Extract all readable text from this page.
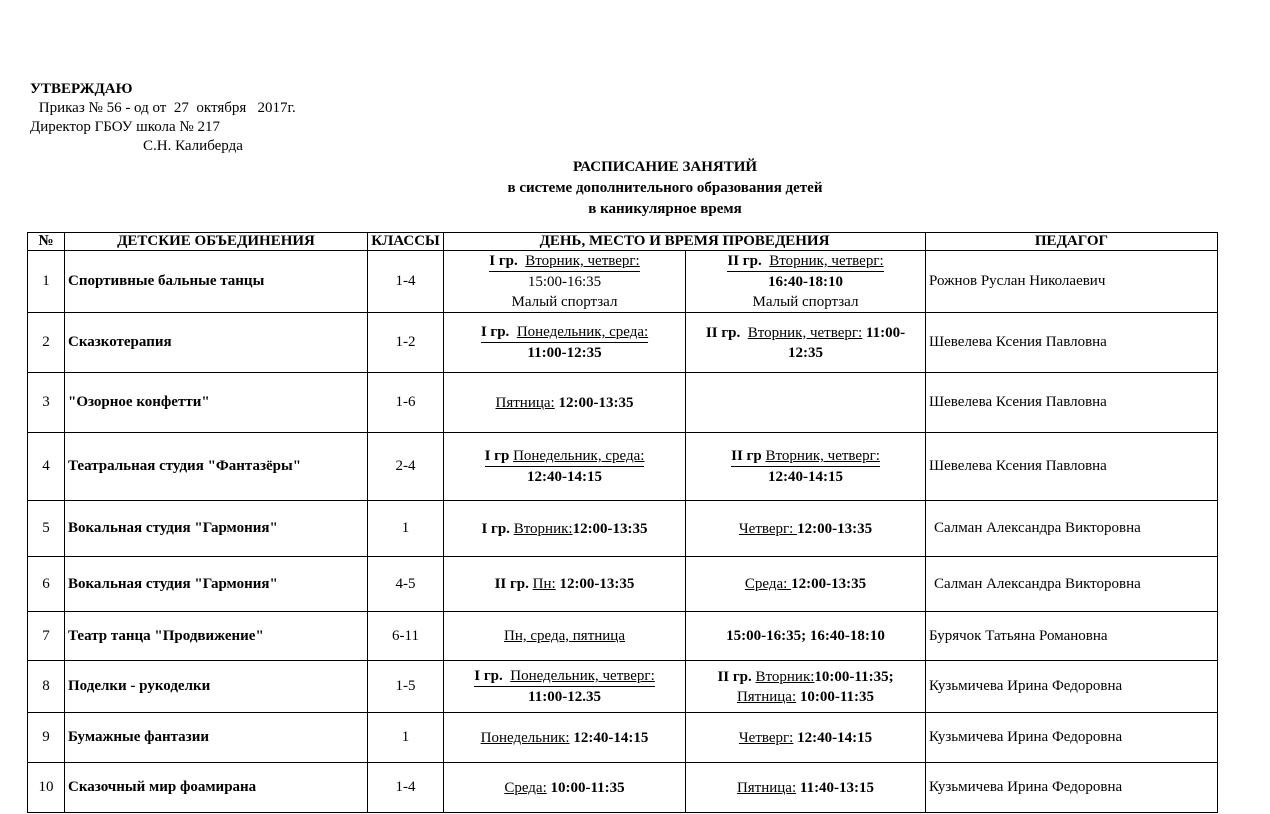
УТВЕРЖДАЮ
Приказ № 56 - од от  27  октября   2017г.
Директор ГБОУ школа № 217
С.Н. Калиберда
РАСПИСАНИЕ ЗАНЯТИЙ
в системе дополнительного образования детей
в каникулярное время
№	ДЕТСКИЕ ОБЪЕДИНЕНИЯ	КЛАССЫ	ДЕНЬ, МЕСТО И ВРЕМЯ ПРОВЕДЕНИЯ		ПЕДАГОГ
1	Спортивные бальные танцы	1-4	I гр. Вторник, четверг:
15:00-16:35
Малый спортзал	II гр. Вторник, четверг:
16:40-18:10
Малый спортзал	Рожнов Руслан Николаевич
2	Сказкотерапия	1-2	I гр. Понедельник, среда:
11:00-12:35	II гр. Вторник, четверг: 11:00-
12:35	Шевелева Ксения Павловна
3	"Озорное конфетти"	1-6	Пятница: 12:00-13:35		Шевелева Ксения Павловна
4	Театральная студия "Фантазёры"	2-4	I гр Понедельник, среда:
12:40-14:15	II гр Вторник, четверг:
12:40-14:15	Шевелева Ксения Павловна
5	Вокальная студия "Гармония"	1	I гр. Вторник:12:00-13:35	Четверг: 12:00-13:35	Салман Александра Викторовна
6	Вокальная студия "Гармония"	4-5	II гр. Пн: 12:00-13:35	Среда: 12:00-13:35	Салман Александра Викторовна
7	Театр танца "Продвижение"	6-11	Пн, среда, пятница	15:00-16:35; 16:40-18:10	Бурячок Татьяна Романовна
8	Поделки - рукоделки	1-5	I гр. Понедельник, четверг:
11:00-12.35	II гр. Вторник:10:00-11:35;
Пятница: 10:00-11:35	Кузьмичева Ирина Федоровна
9	Бумажные фантазии	1	Понедельник: 12:40-14:15	Четверг: 12:40-14:15	Кузьмичева Ирина Федоровна
10	Сказочный мир фоамирана	1-4	Среда: 10:00-11:35	Пятница: 11:40-13:15	Кузьмичева Ирина Федоровна
